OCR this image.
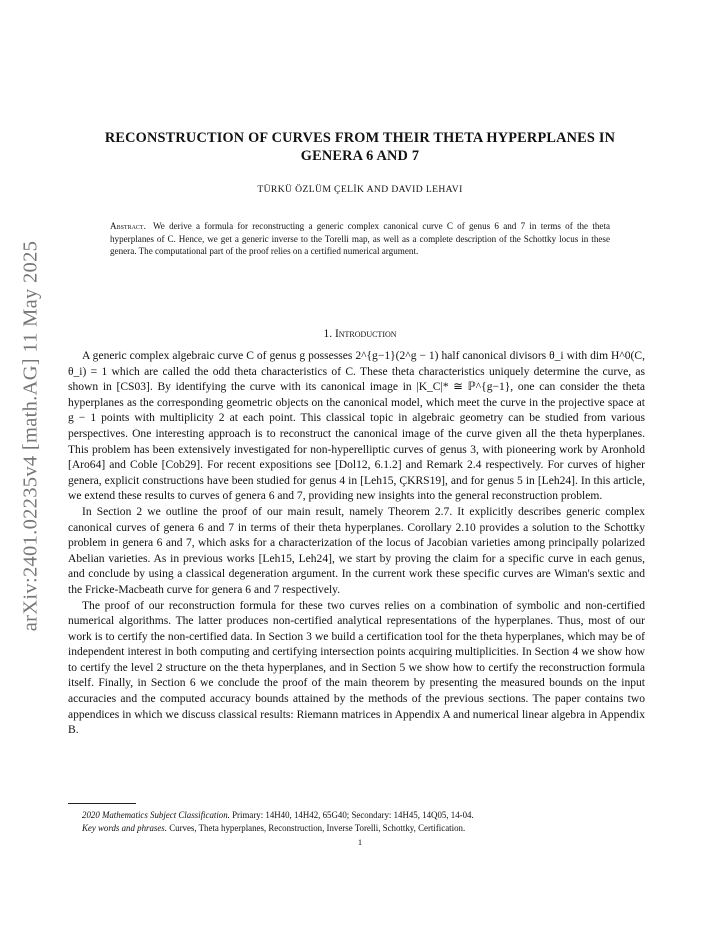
arXiv:2401.02235v4 [math.AG] 11 May 2025
RECONSTRUCTION OF CURVES FROM THEIR THETA HYPERPLANES IN
GENERA 6 AND 7
TÜRKÜ ÖZLÜM ÇELİK AND DAVID LEHAVI
Abstract. We derive a formula for reconstructing a generic complex canonical curve C of genus 6 and 7 in terms of the theta hyperplanes of C. Hence, we get a generic inverse to the Torelli map, as well as a complete description of the Schottky locus in these genera. The computational part of the proof relies on a certified numerical argument.
1. Introduction

A generic complex algebraic curve C of genus g possesses 2^{g−1}(2^g − 1) half canonical divisors θ_i with dim H^0(C, θ_i) = 1 which are called the odd theta characteristics of C. These theta characteristics uniquely determine the curve, as shown in [CS03]. By identifying the curve with its canonical image in |K_C|* ≅ ℙ^{g−1}, one can consider the theta hyperplanes as the corresponding geometric objects on the canonical model, which meet the curve in the projective space at g − 1 points with multiplicity 2 at each point. This classical topic in algebraic geometry can be studied from various perspectives. One interesting approach is to reconstruct the canonical image of the curve given all the theta hyperplanes. This problem has been extensively investigated for non-hyperelliptic curves of genus 3, with pioneering work by Aronhold [Aro64] and Coble [Cob29]. For recent expositions see [Dol12, 6.1.2] and Remark 2.4 respectively. For curves of higher genera, explicit constructions have been studied for genus 4 in [Leh15, ÇKRS19], and for genus 5 in [Leh24]. In this article, we extend these results to curves of genera 6 and 7, providing new insights into the general reconstruction problem.

In Section 2 we outline the proof of our main result, namely Theorem 2.7. It explicitly describes generic complex canonical curves of genera 6 and 7 in terms of their theta hyperplanes. Corollary 2.10 provides a solution to the Schottky problem in genera 6 and 7, which asks for a characterization of the locus of Jacobian varieties among principally polarized Abelian varieties. As in previous works [Leh15, Leh24], we start by proving the claim for a specific curve in each genus, and conclude by using a classical degeneration argument. In the current work these specific curves are Wiman's sextic and the Fricke-Macbeath curve for genera 6 and 7 respectively.

The proof of our reconstruction formula for these two curves relies on a combination of symbolic and non-certified numerical algorithms. The latter produces non-certified analytical representations of the hyperplanes. Thus, most of our work is to certify the non-certified data. In Section 3 we build a certification tool for the theta hyperplanes, which may be of independent interest in both computing and certifying intersection points acquiring multiplicities. In Section 4 we show how to certify the level 2 structure on the theta hyperplanes, and in Section 5 we show how to certify the reconstruction formula itself. Finally, in Section 6 we conclude the proof of the main theorem by presenting the measured bounds on the input accuracies and the computed accuracy bounds attained by the methods of the previous sections. The paper contains two appendices in which we discuss classical results: Riemann matrices in Appendix A and numerical linear algebra in Appendix B.

2020 Mathematics Subject Classification. Primary: 14H40, 14H42, 65G40; Secondary: 14H45, 14Q05, 14-04.
Key words and phrases. Curves, Theta hyperplanes, Reconstruction, Inverse Torelli, Schottky, Certification.
1
